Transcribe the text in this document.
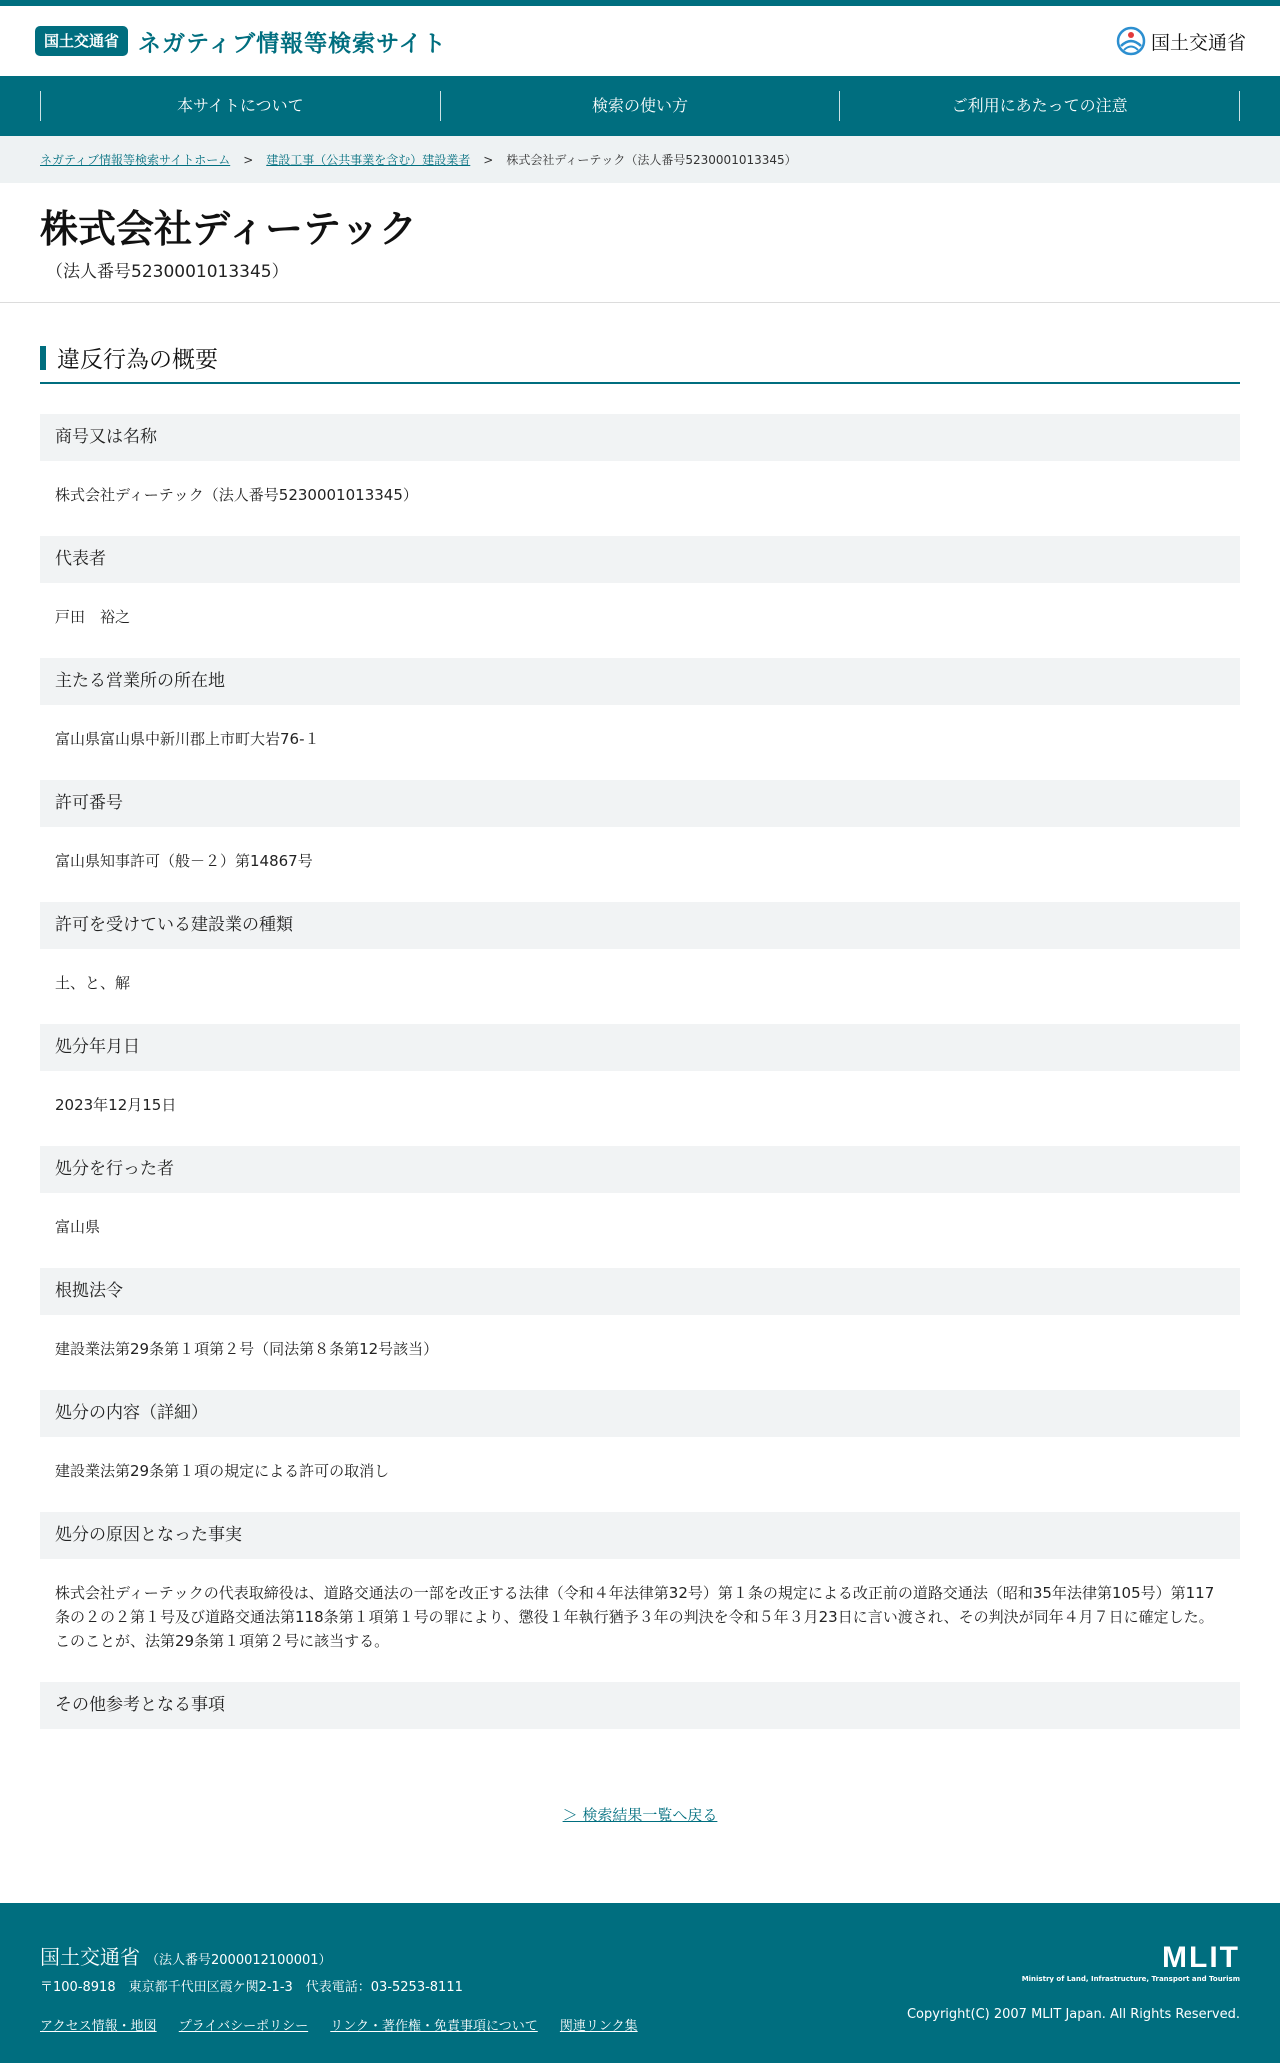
国土交通省 ネガティブ情報等検索サイト	国土交通省
本サイトについて	検索の使い方	ご利用にあたっての注意
ネガティブ情報等検索サイトホーム > 建設工事（公共事業を含む）建設業者 > 株式会社ディーテック（法人番号5230001013345）
株式会社ディーテック
（法人番号5230001013345）
違反行為の概要
商号又は名称
株式会社ディーテック（法人番号5230001013345）
代表者
戸田　裕之
主たる営業所の所在地
富山県富山県中新川郡上市町大岩76-１
許可番号
富山県知事許可（般－２）第14867号
許可を受けている建設業の種類
土、と、解
処分年月日
2023年12月15日
処分を行った者
富山県
根拠法令
建設業法第29条第１項第２号（同法第８条第12号該当）
処分の内容（詳細）
建設業法第29条第１項の規定による許可の取消し
処分の原因となった事実
株式会社ディーテックの代表取締役は、道路交通法の一部を改正する法律（令和４年法律第32号）第１条の規定による改正前の道路交通法（昭和35年法律第105号）第117条の２の２第１号及び道路交通法第118条第１項第１号の罪により、懲役１年執行猶予３年の判決を令和５年３月23日に言い渡され、その判決が同年４月７日に確定した。このことが、法第29条第１項第２号に該当する。
その他参考となる事項
＞ 検索結果一覧へ戻る
国土交通省 （法人番号2000012100001）
〒100-8918　東京都千代田区霞ケ関2-1-3　代表電話：03-5253-8111
アクセス情報・地図 プライバシーポリシー リンク・著作権・免責事項について 関連リンク集
MLIT
Ministry of Land, Infrastructure, Transport and Tourism
Copyright(C) 2007 MLIT Japan. All Rights Reserved.
